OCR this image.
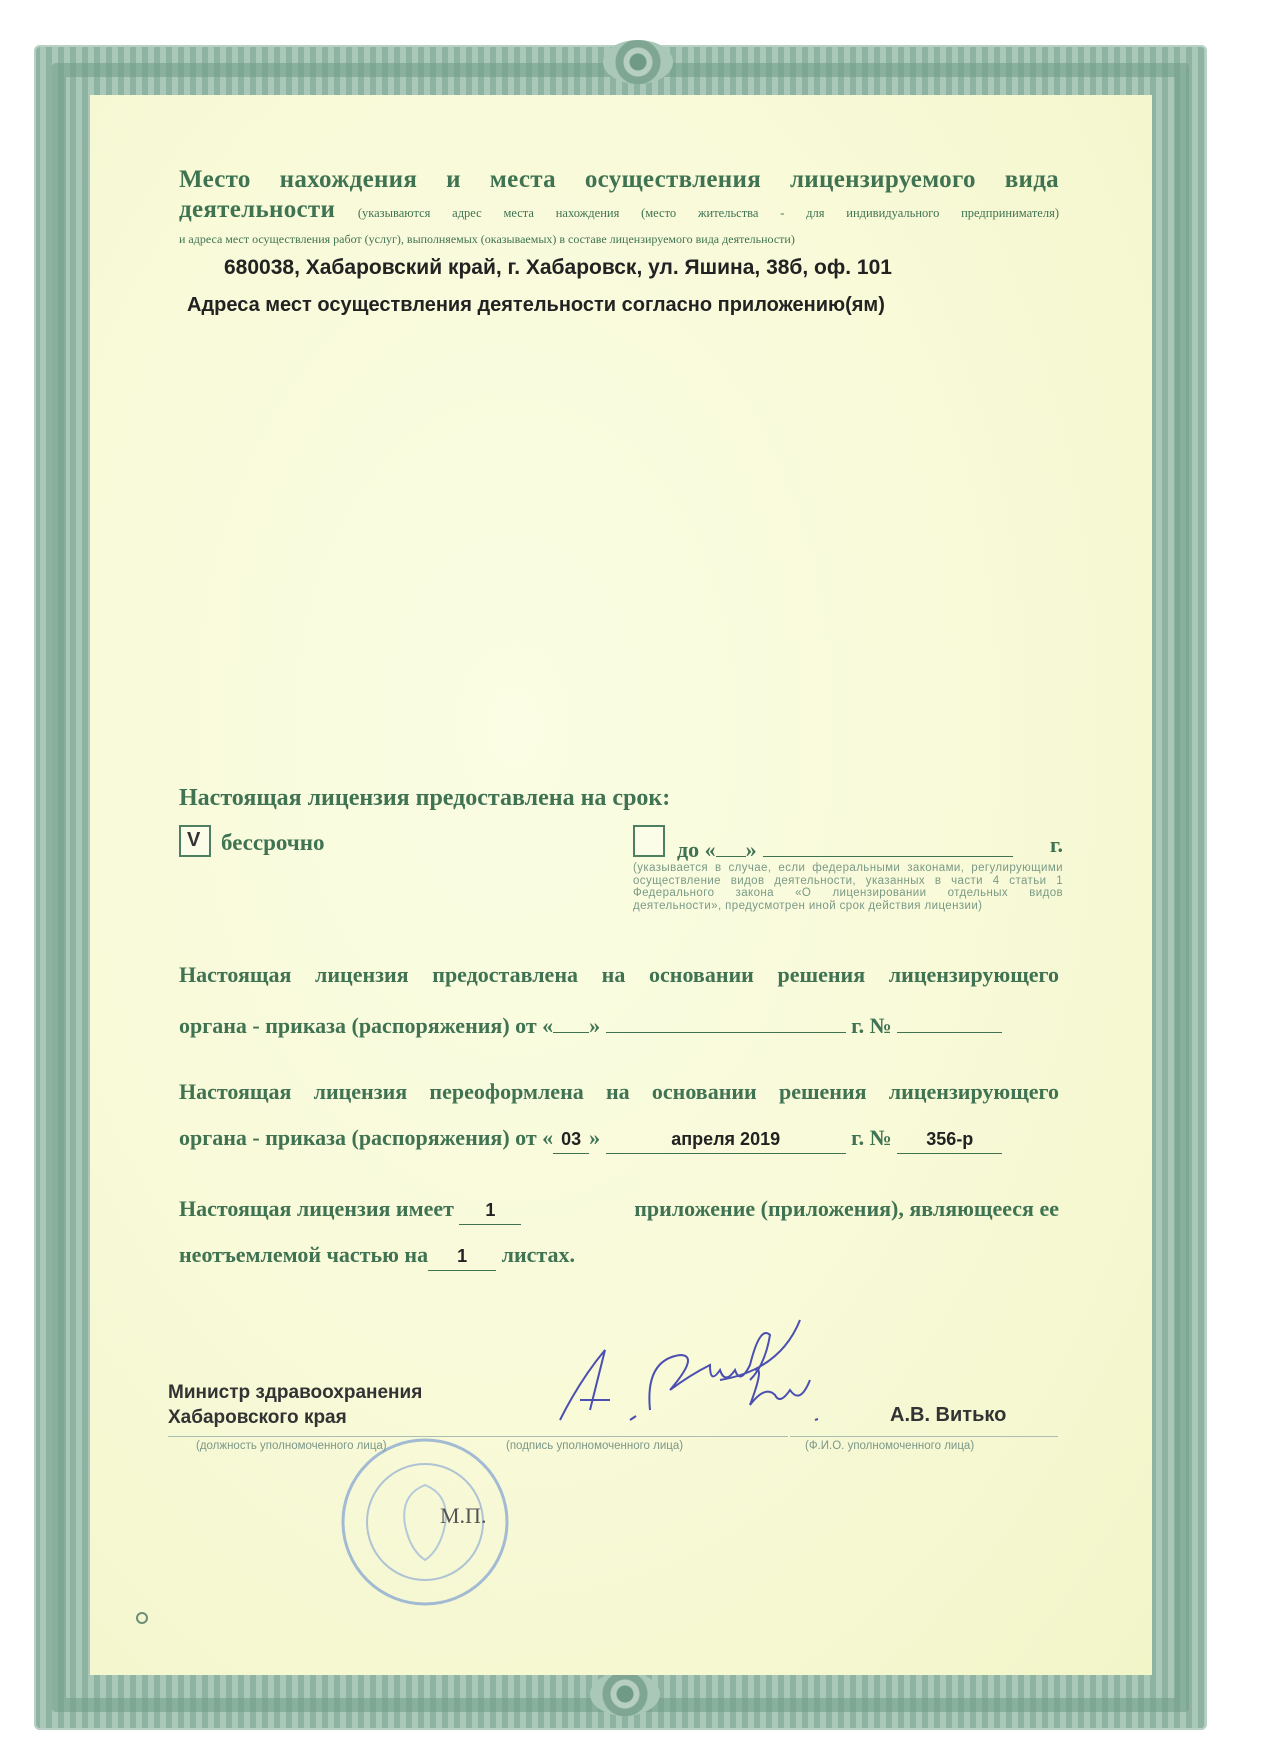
Место нахождения и места осуществления лицензируемого вида
деятельности (указываются адрес места нахождения (место жительства - для индивидуального предпринимателя)
и адреса мест осуществления работ (услуг), выполняемых (оказываемых) в составе лицензируемого вида деятельности)
680038, Хабаровский край, г. Хабаровск, ул. Яшина, 38б, оф. 101
Адреса мест осуществления деятельности согласно приложению(ям)
Настоящая лицензия предоставлена на срок:
V бессрочно	до « »	г.
(указывается в случае, если федеральными законами, регулирующими осуществление видов деятельности, указанных в части 4 статьи 1 Федерального закона «О лицензировании отдельных видов деятельности», предусмотрен иной срок действия лицензии)
Настоящая лицензия предоставлена на основании решения лицензирующего
органа - приказа (распоряжения) от « »	г. №
Настоящая лицензия переоформлена на основании решения лицензирующего
органа - приказа (распоряжения) от « 03 »	апреля 2019	г. № 356-р
Настоящая лицензия имеет 1	приложение (приложения), являющееся ее
неотъемлемой частью на 1 листах.
М.П.
Министр здравоохранения
Хабаровского края	А.В. Витько
(должность уполномоченного лица)	(подпись уполномоченного лица)	(Ф.И.О. уполномоченного лица)
